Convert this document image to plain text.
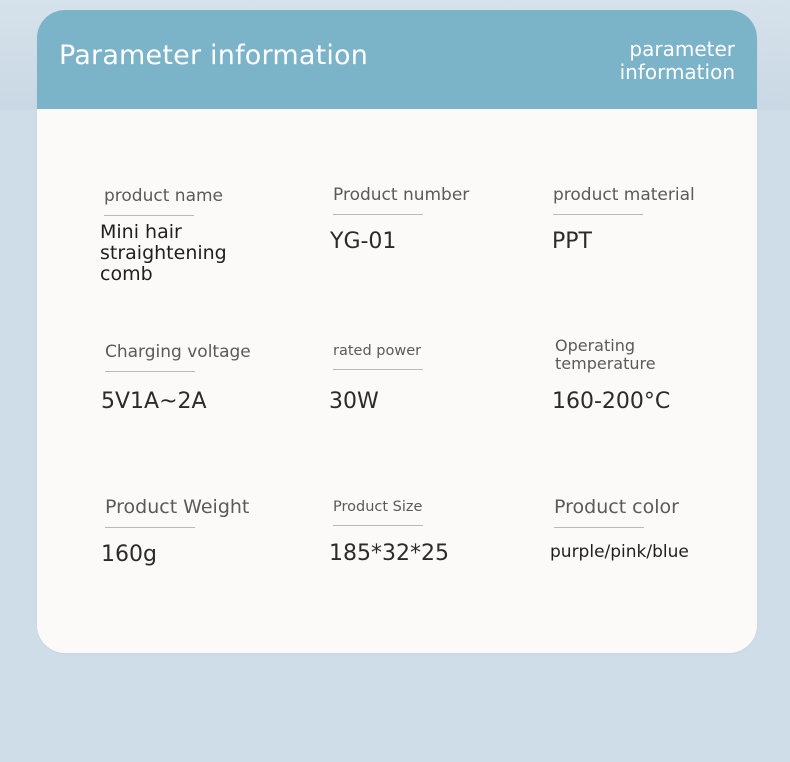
Parameter information	parameter information
product name
Mini hair straightening comb
Product number
YG-01
product material
PPT
Charging voltage
5V1A~2A
rated power
30W
Operating temperature
160-200°C
Product Weight
160g
Product Size
185*32*25
Product color
purple/pink/blue
